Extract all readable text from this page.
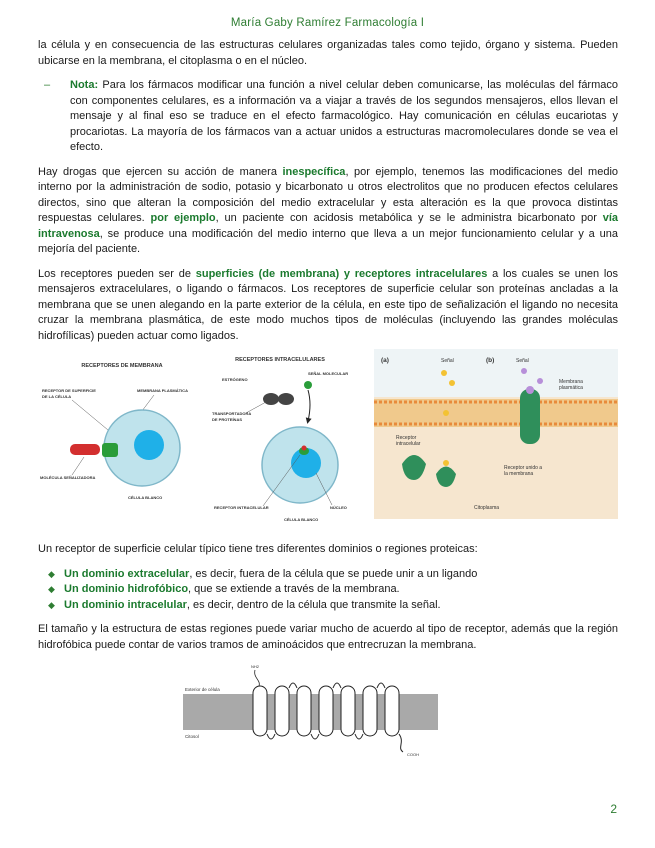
María Gaby Ramírez Farmacología I

la célula y en consecuencia de las estructuras celulares organizadas tales como tejido, órgano y sistema. Pueden ubicarse en la membrana, el citoplasma o en el núcleo.

–	Nota: Para los fármacos modificar una función a nivel celular deben comunicarse, las moléculas del fármaco con componentes celulares, es a información va a viajar a través de los segundos mensajeros, ellos llevan el mensaje y al final eso se traduce en el efecto farmacológico. Hay comunicación en células eucariotas y procariotas. La mayoría de los fármacos van a actuar unidos a estructuras macromoleculares donde se vea el efecto.

Hay drogas que ejercen su acción de manera inespecífica, por ejemplo, tenemos las modificaciones del medio interno por la administración de sodio, potasio y bicarbonato u otros electrolitos que no producen efectos celulares directos, sino que alteran la composición del medio extracelular y esta alteración es la que provoca distintas respuestas celulares. por ejemplo, un paciente con acidosis metabólica y se le administra bicarbonato por vía intravenosa, se produce una modificación del medio interno que lleva a un mejor funcionamiento celular y a una mejoría del paciente.

Los receptores pueden ser de superficies (de membrana) y receptores intracelulares a los cuales se unen los mensajeros extracelulares, o ligando o fármacos. Los receptores de superficie celular son proteínas ancladas a la membrana que se unen alegando en la parte exterior de la célula, en este tipo de señalización el ligando no necesita cruzar la membrana plasmática, de este modo muchos tipos de moléculas (incluyendo las grandes moléculas hidrofílicas) pueden actuar como ligados.

RECEPTORES DE MEMBRANA
RECEPTOR DE SUPERFICIE
DE LA CÉLULA
MEMBRANA PLASMÁTICA
MOLÉCULA SEÑALIZADORA
CÉLULA BLANCO
RECEPTORES INTRACELULARES
ESTRÓGENO
SEÑAL MOLECULAR
TRANSPORTADORA
DE PROTEÍNAS
RECEPTOR INTRACELULAR	NÚCLEO
CÉLULA BLANCO
(a)	(b)
Señal	Señal
Membrana
plasmática
Receptor
intracelular
Receptor unido a
la membrana
Citoplasma

Un receptor de superficie celular típico tiene tres diferentes dominios o regiones proteicas:

◆ Un dominio extracelular, es decir, fuera de la célula que se puede unir a un ligando
◆ Un dominio hidrofóbico, que se extiende a través de la membrana.
◆ Un dominio intracelular, es decir, dentro de la célula que transmite la señal.

El tamaño y la estructura de estas regiones puede variar mucho de acuerdo al tipo de receptor, además que la región hidrofóbica puede contar de varios tramos de aminoácidos que entrecruzan la membrana.

Exterior de célula
Citosol
NH2
COOH
2
